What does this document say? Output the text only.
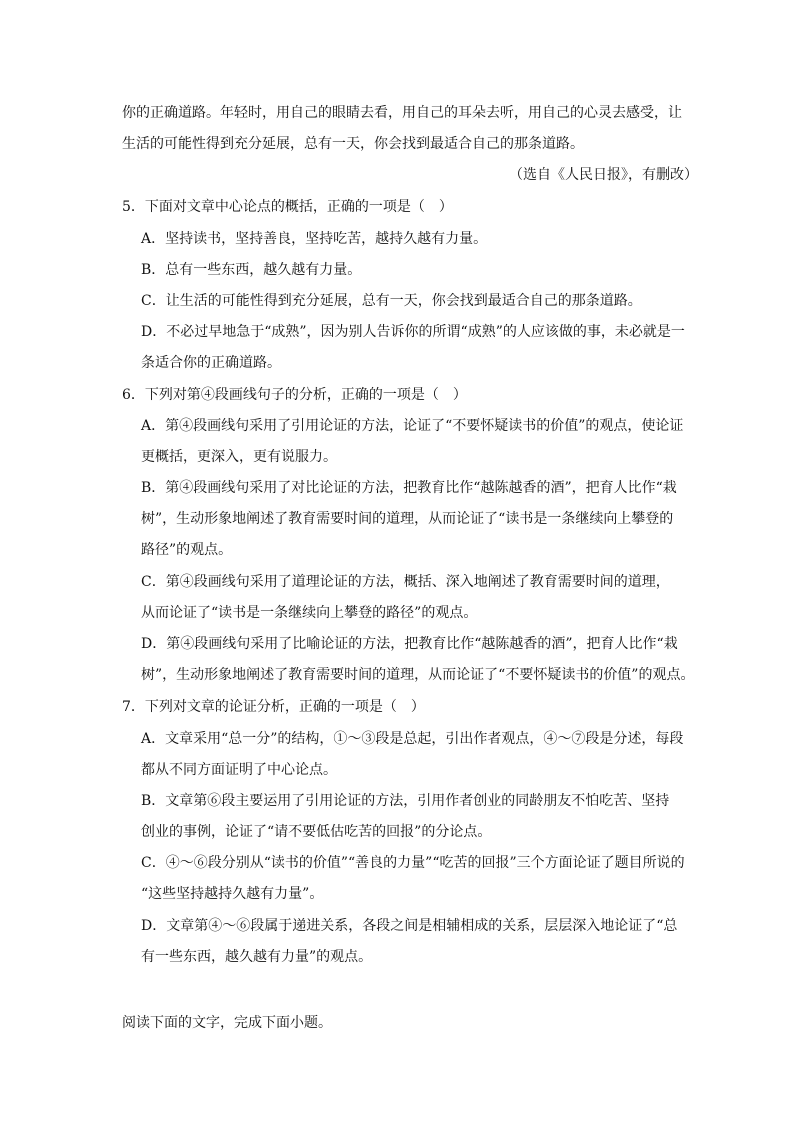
你的正确道路。年轻时，用自己的眼睛去看，用自己的耳朵去听，用自己的心灵去感受，让
生活的可能性得到充分延展，总有一天，你会找到最适合自己的那条道路。
（选自《人民日报》，有删改）
5．下面对文章中心论点的概括，正确的一项是（　）
A．坚持读书，坚持善良，坚持吃苦，越持久越有力量。
B．总有一些东西，越久越有力量。
C．让生活的可能性得到充分延展，总有一天，你会找到最适合自己的那条道路。
D．不必过早地急于“成熟”，因为别人告诉你的所谓“成熟”的人应该做的事，未必就是一
条适合你的正确道路。
6．下列对第④段画线句子的分析，正确的一项是（　）
A．第④段画线句采用了引用论证的方法，论证了“不要怀疑读书的价值”的观点，使论证
更概括，更深入，更有说服力。
B．第④段画线句采用了对比论证的方法，把教育比作“越陈越香的酒”，把育人比作“栽
树”，生动形象地阐述了教育需要时间的道理，从而论证了“读书是一条继续向上攀登的
路径”的观点。
C．第④段画线句采用了道理论证的方法，概括、深入地阐述了教育需要时间的道理，
从而论证了“读书是一条继续向上攀登的路径”的观点。
D．第④段画线句采用了比喻论证的方法，把教育比作“越陈越香的酒”，把育人比作“栽
树”，生动形象地阐述了教育需要时间的道理，从而论证了“不要怀疑读书的价值”的观点。
7．下列对文章的论证分析，正确的一项是（　）
A．文章采用“总一分”的结构，①～③段是总起，引出作者观点，④～⑦段是分述，每段
都从不同方面证明了中心论点。
B．文章第⑥段主要运用了引用论证的方法，引用作者创业的同龄朋友不怕吃苦、坚持
创业的事例，论证了“请不要低估吃苦的回报”的分论点。
C．④～⑥段分别从“读书的价值”“善良的力量”“吃苦的回报”三个方面论证了题目所说的
“这些坚持越持久越有力量”。
D．文章第④～⑥段属于递进关系，各段之间是相辅相成的关系，层层深入地论证了“总
有一些东西，越久越有力量”的观点。
阅读下面的文字，完成下面小题。
